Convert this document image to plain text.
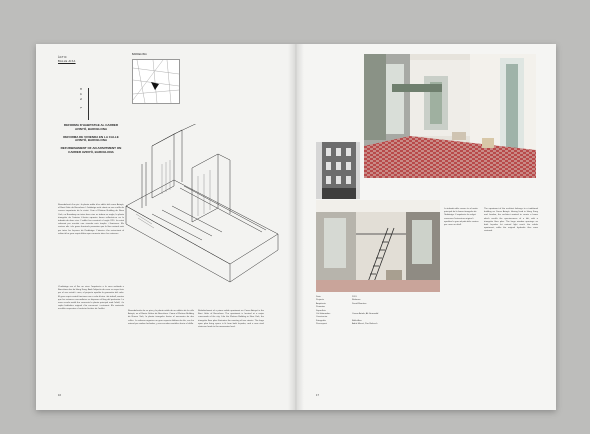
ÀCTIC
BALLE AIXA
BARCELONA
CAS 1
REFORMA D'HABITATGE AL CARRER AVINYÓ, BARCELONA
REFORMA DE VIVIENDA EN LA CALLE AVINYÓ, BARCELONA
REFURBISHMENT OF AN APARTMENT ON CARRER AVINYÓ, BARCELONA
Remodelació d'un pis i la planta noble d'un edifici del carrer Avinyó, al Barri Gòtic de Barcelona. L'habitatge està situat en una cruïlla de carrers importants de la ciutat. Com el Flatiron Building de Nova York, un Broadway on totes dues vies es troben en angle, la planta triangular de l'interior il·lustra aquesta forma reflectint-se en la trobada de dues vies. L'edifici fou construït el segle XIX i ha estat reformat per encabir una vivenda més àmplia i lluminosa. Els sostres alts i els grans finestrals permeten que la llum natural entri per totes les façanes de l'habitatge. L'interior s'ha estructurat al voltant d'un gran espai diàfan que connecta totes les estances.
L'habitatge era el lloc on viure l'arquitecte a la seva arribada a Barcelona des de Hong Kong. Amb l'objectiu de crear un espai únic per al seu estudi i casa, el projecte aprofita la geometria del solar. El gran espai central funciona com a sala d'estar i de treball, mentre que les estances secundàries es disposen al llarg del perímetre. La nova escala metàl·lica connecta la planta principal amb l'altell, i la rajola hidràulica original s'ha conservat i restaurat. Els materials escollits respecten el caràcter històric de l'edifici.
Remodelación de un piso y la planta noble de un edificio de la calle Avinyó, en el Barrio Gótico de Barcelona. Como el Flatiron Building de Nueva York, la planta triangular ilustra el encuentro de dos calles. La reforma organiza un gran espacio diáfano de día, con luz natural por ambas fachadas, y una escalera metálica hacia el altillo.
Refurbishment of a piano nobile apartment on Carrer Avinyó in the Barri Gòtic of Barcelona. The apartment is located at a major crossroads of the city. Like the Flatiron Building in New York, the triangular floor plan illustrates the meeting of two streets. The large open plan living space is lit from both façades, and a new steel staircase leads to the mezzanine level.
16
La trobada dels carrers és el motiu principal de la forma triangular de l'habitatge. L'arquitecte ha volgut conservar l'estructura original i aprofitar la gran alçada dels sostres per crear un altell.
The apartment of the architect belongs to a traditional building on Carrer Avinyó. Having lived in Hong Kong and London, the architect wanted to create a home which recalls the spaciousness of a loft, with a triangular floor plan. The large window openings on both façades let natural light reach the whole apartment, while the original hydraulic tiles were restored.
Data
Projecte
Arquitecte
Promotor
Superfície
Col·laboradors
Constructor
Fotografia
Pressupost
2011
Reforma
David Ramírez
Carme Artola, Ali Grunwald
Balle Aixa
Adrià Marsó, Pau Balasch
17
